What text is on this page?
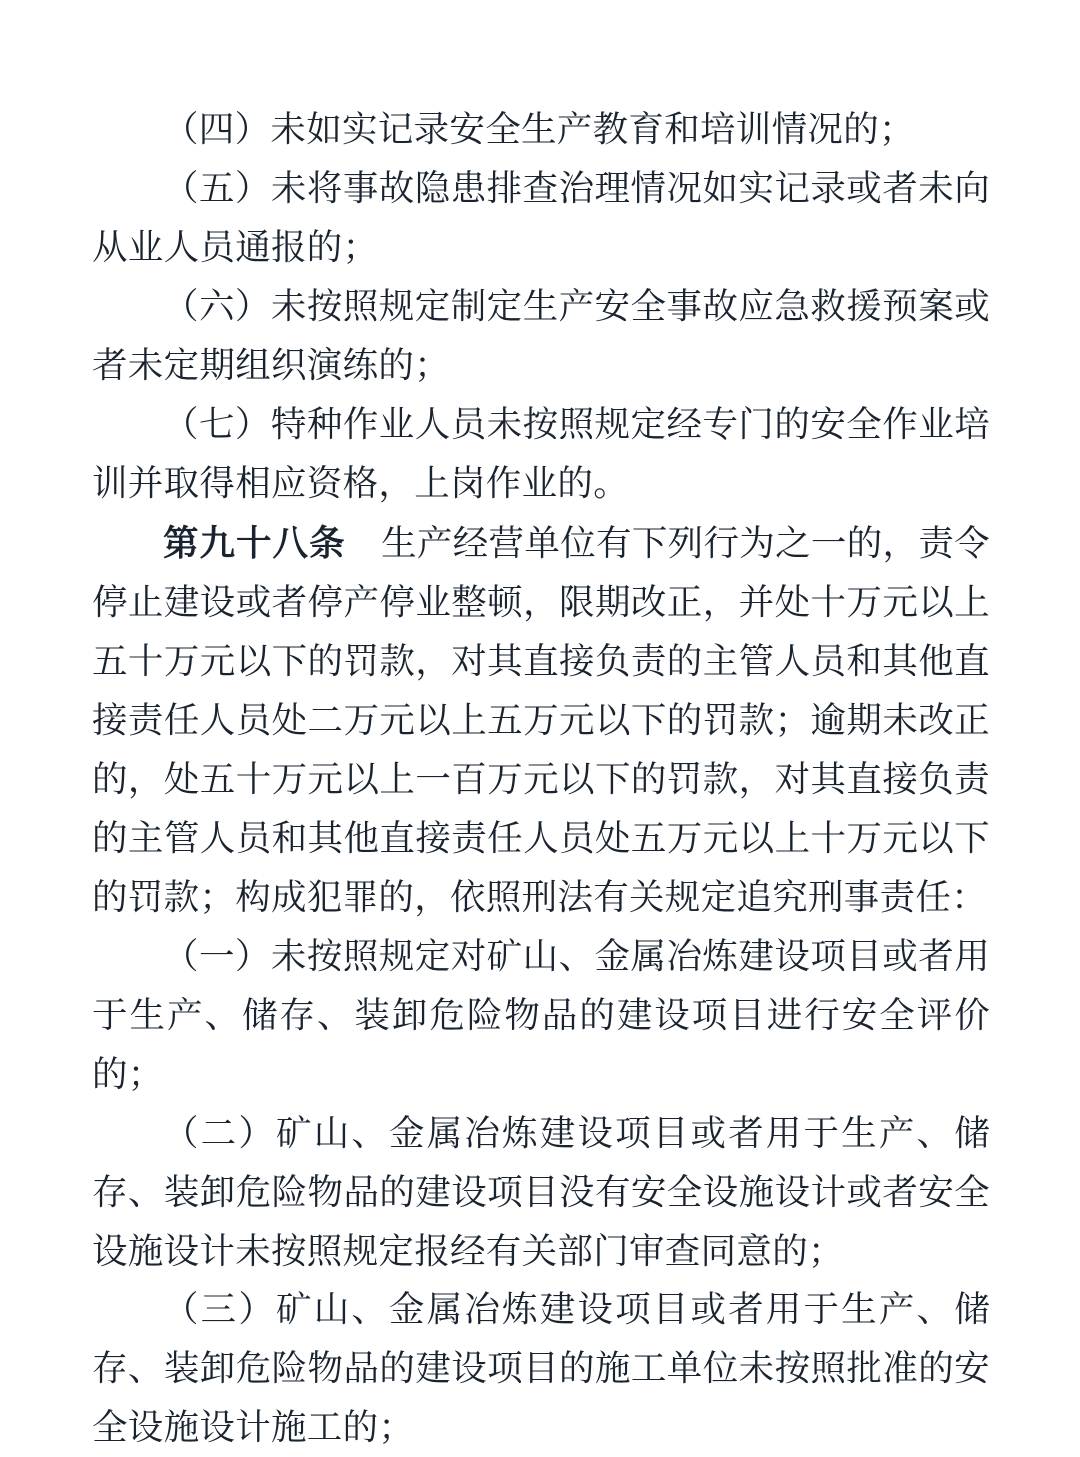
（四）未如实记录安全生产教育和培训情况的；

（五）未将事故隐患排查治理情况如实记录或者未向从业人员通报的；

（六）未按照规定制定生产安全事故应急救援预案或者未定期组织演练的；

（七）特种作业人员未按照规定经专门的安全作业培训并取得相应资格，上岗作业的。

第九十八条 生产经营单位有下列行为之一的，责令停止建设或者停产停业整顿，限期改正，并处十万元以上五十万元以下的罚款，对其直接负责的主管人员和其他直接责任人员处二万元以上五万元以下的罚款；逾期未改正的，处五十万元以上一百万元以下的罚款，对其直接负责的主管人员和其他直接责任人员处五万元以上十万元以下的罚款；构成犯罪的，依照刑法有关规定追究刑事责任：

（一）未按照规定对矿山、金属冶炼建设项目或者用于生产、储存、装卸危险物品的建设项目进行安全评价的；

（二）矿山、金属冶炼建设项目或者用于生产、储存、装卸危险物品的建设项目没有安全设施设计或者安全设施设计未按照规定报经有关部门审查同意的；

（三）矿山、金属冶炼建设项目或者用于生产、储存、装卸危险物品的建设项目的施工单位未按照批准的安全设施设计施工的；
